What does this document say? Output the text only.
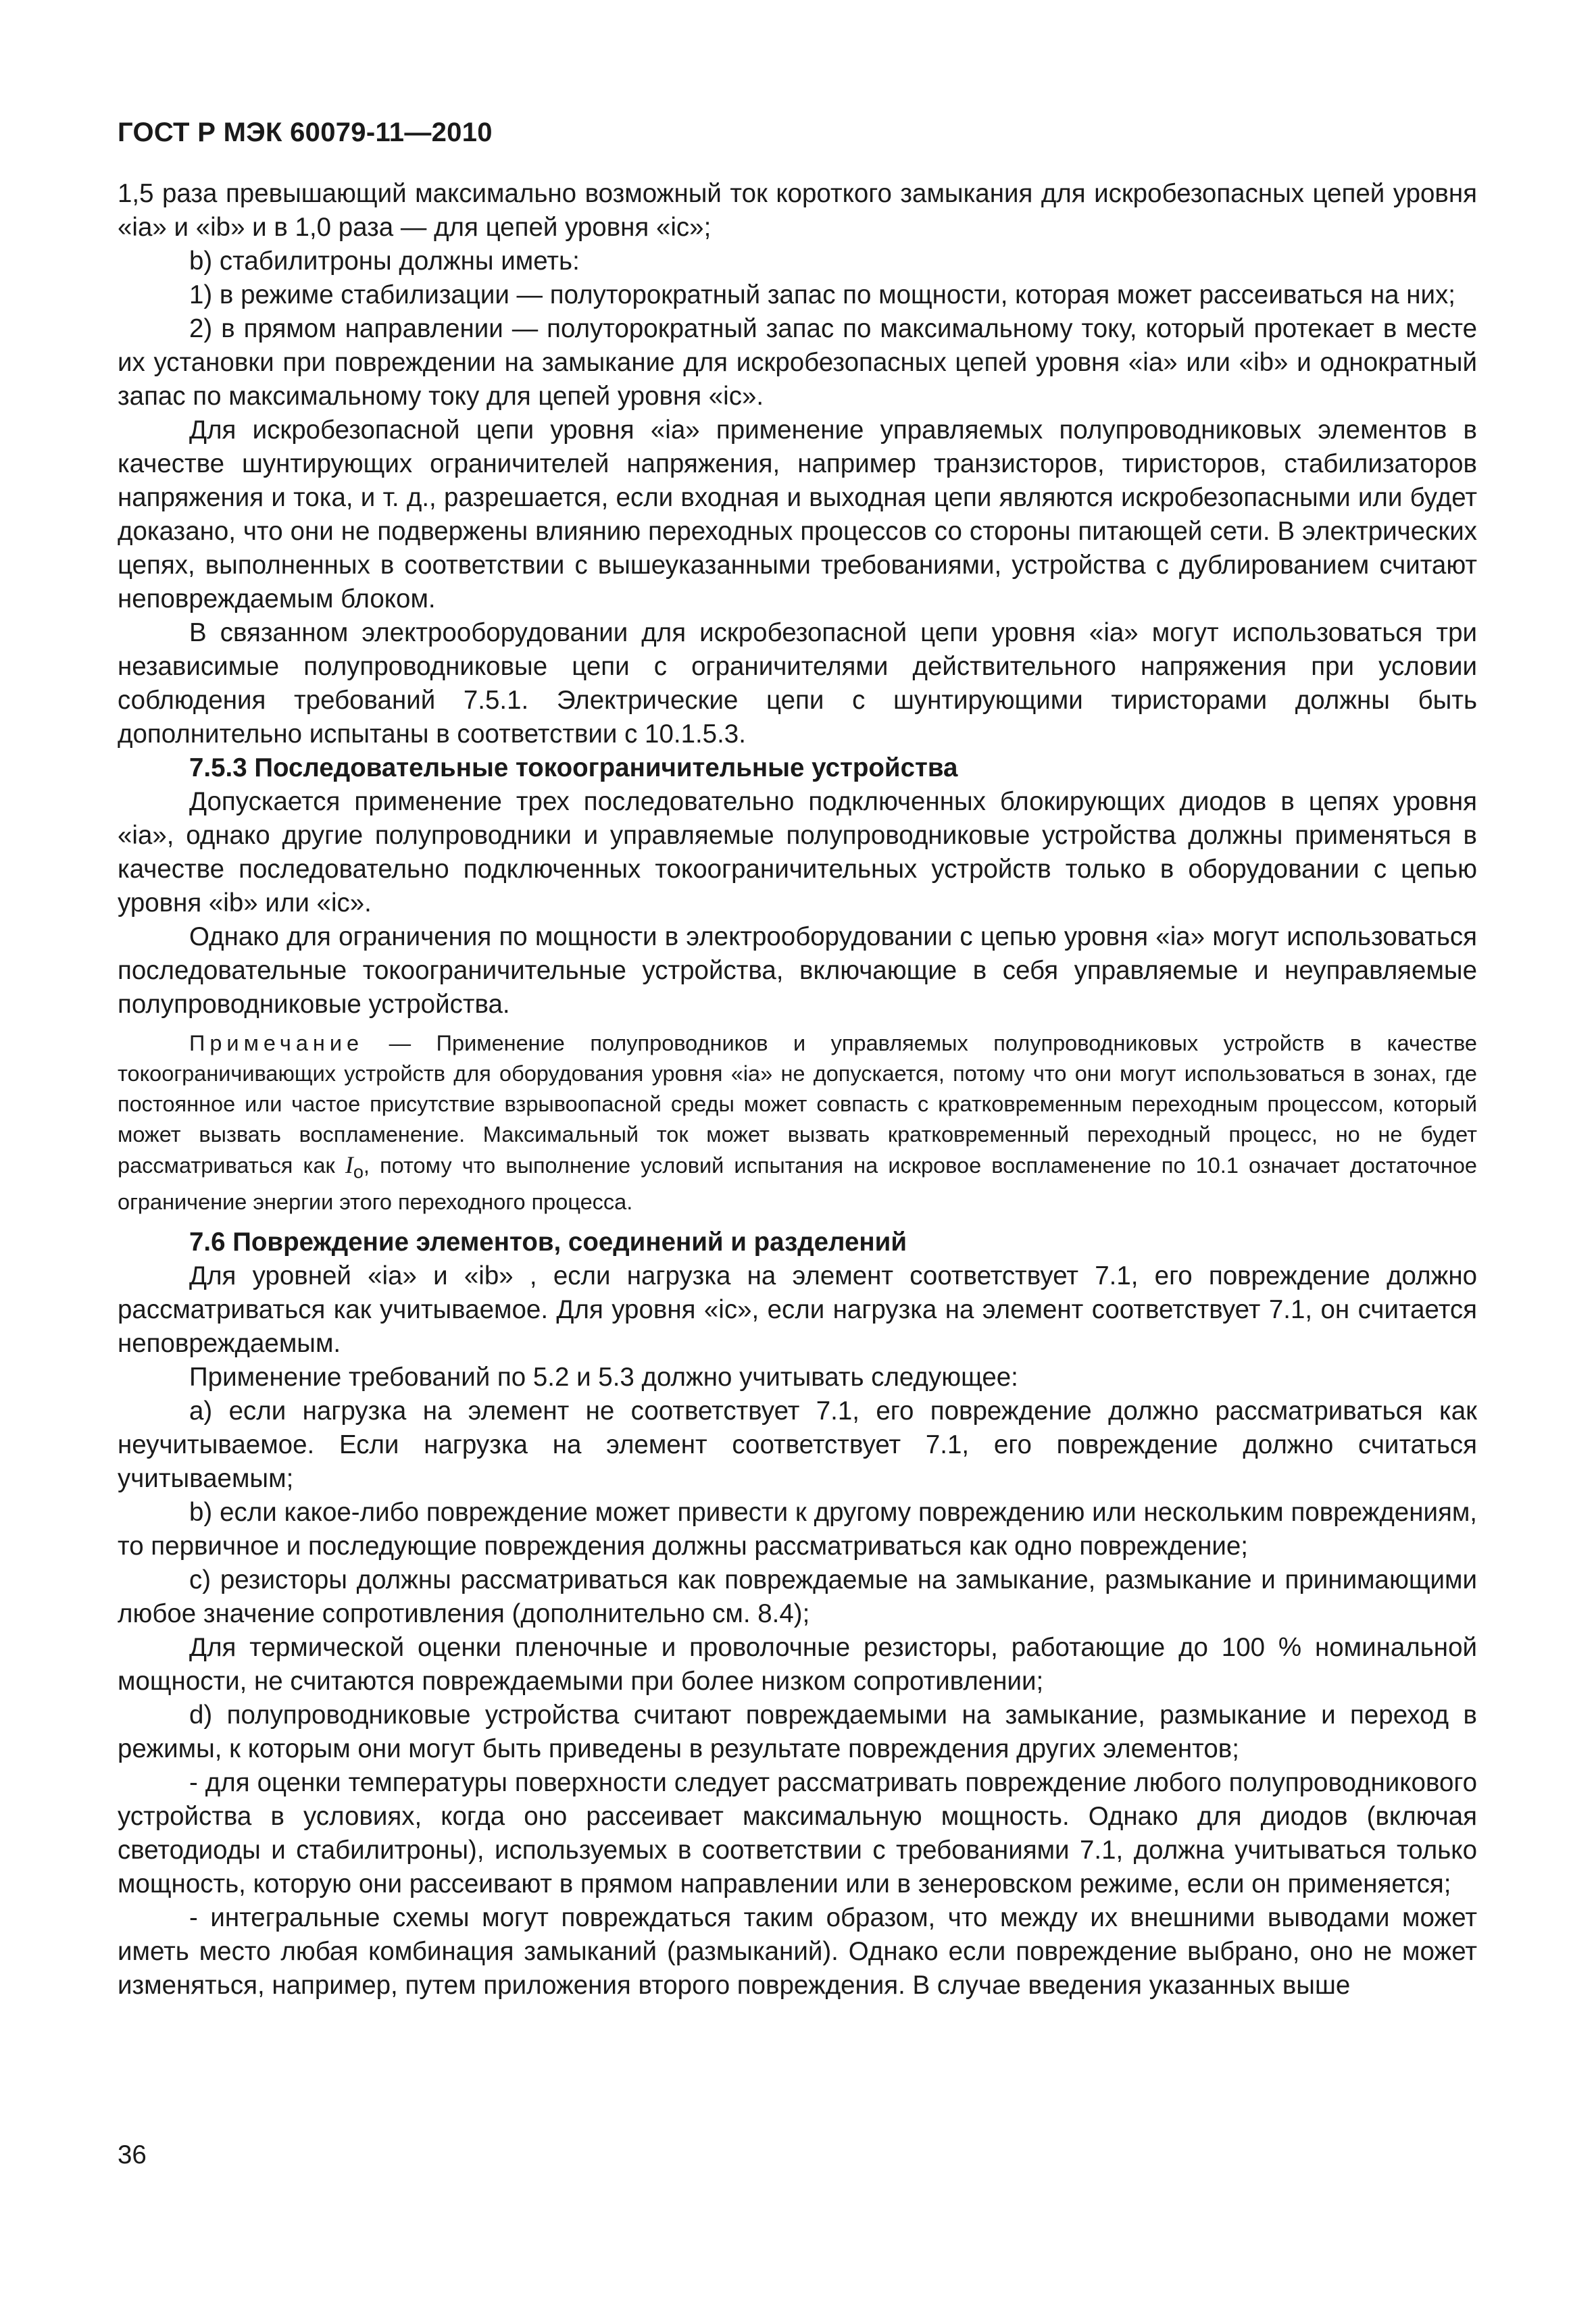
ГОСТ Р МЭК 60079-11—2010

1,5 раза превышающий максимально возможный ток короткого замыкания для искробезопасных цепей уровня «ia» и «ib» и в 1,0 раза — для цепей уровня «ic»;

b) стабилитроны должны иметь:

1) в режиме стабилизации — полуторократный запас по мощности, которая может рассеиваться на них;

2) в прямом направлении — полуторократный запас по максимальному току, который протекает в месте их установки при повреждении на замыкание для искробезопасных цепей уровня «ia» или «ib» и однократный запас по максимальному току для цепей уровня «ic».

Для искробезопасной цепи уровня «ia» применение управляемых полупроводниковых элементов в качестве шунтирующих ограничителей напряжения, например транзисторов, тиристоров, стабилизаторов напряжения и тока, и т. д., разрешается, если входная и выходная цепи являются искробезопасными или будет доказано, что они не подвержены влиянию переходных процессов со стороны питающей сети. В электрических цепях, выполненных в соответствии с вышеуказанными требованиями, устройства с дублированием считают неповреждаемым блоком.

В связанном электрооборудовании для искробезопасной цепи уровня «ia» могут использоваться три независимые полупроводниковые цепи с ограничителями действительного напряжения при условии соблюдения требований 7.5.1. Электрические цепи с шунтирующими тиристорами должны быть дополнительно испытаны в соответствии с 10.1.5.3.

7.5.3 Последовательные токоограничительные устройства

Допускается применение трех последовательно подключенных блокирующих диодов в цепях уровня «ia», однако другие полупроводники и управляемые полупроводниковые устройства должны применяться в качестве последовательно подключенных токоограничительных устройств только в оборудовании с цепью уровня «ib» или «ic».

Однако для ограничения по мощности в электрооборудовании с цепью уровня «ia» могут использоваться последовательные токоограничительные устройства, включающие в себя управляемые и неуправляемые полупроводниковые устройства.

Примечание — Применение полупроводников и управляемых полупроводниковых устройств в качестве токоограничивающих устройств для оборудования уровня «ia» не допускается, потому что они могут использоваться в зонах, где постоянное или частое присутствие взрывоопасной среды может совпасть с кратковременным переходным процессом, который может вызвать воспламенение. Максимальный ток может вызвать кратковременный переходный процесс, но не будет рассматриваться как $I_o$, потому что выполнение условий испытания на искровое воспламенение по 10.1 означает достаточное ограничение энергии этого переходного процесса.

7.6 Повреждение элементов, соединений и разделений

Для уровней «ia» и «ib» , если нагрузка на элемент соответствует 7.1, его повреждение должно рассматриваться как учитываемое. Для уровня «ic», если нагрузка на элемент соответствует 7.1, он считается неповреждаемым.

Применение требований по 5.2 и 5.3 должно учитывать следующее:

а) если нагрузка на элемент не соответствует 7.1, его повреждение должно рассматриваться как неучитываемое. Если нагрузка на элемент соответствует 7.1, его повреждение должно считаться учитываемым;

b) если какое-либо повреждение может привести к другому повреждению или нескольким повреждениям, то первичное и последующие повреждения должны рассматриваться как одно повреждение;

c) резисторы должны рассматриваться как повреждаемые на замыкание, размыкание и принимающими любое значение сопротивления (дополнительно см. 8.4);

Для термической оценки пленочные и проволочные резисторы, работающие до 100 % номинальной мощности, не считаются повреждаемыми при более низком сопротивлении;

d) полупроводниковые устройства считают повреждаемыми на замыкание, размыкание и переход в режимы, к которым они могут быть приведены в результате повреждения других элементов;

- для оценки температуры поверхности следует рассматривать повреждение любого полупроводникового устройства в условиях, когда оно рассеивает максимальную мощность. Однако для диодов (включая светодиоды и стабилитроны), используемых в соответствии с требованиями 7.1, должна учитываться только мощность, которую они рассеивают в прямом направлении или в зенеровском режиме, если он применяется;

- интегральные схемы могут повреждаться таким образом, что между их внешними выводами может иметь место любая комбинация замыканий (размыканий). Однако если повреждение выбрано, оно не может изменяться, например, путем приложения второго повреждения. В случае введения указанных выше

36
